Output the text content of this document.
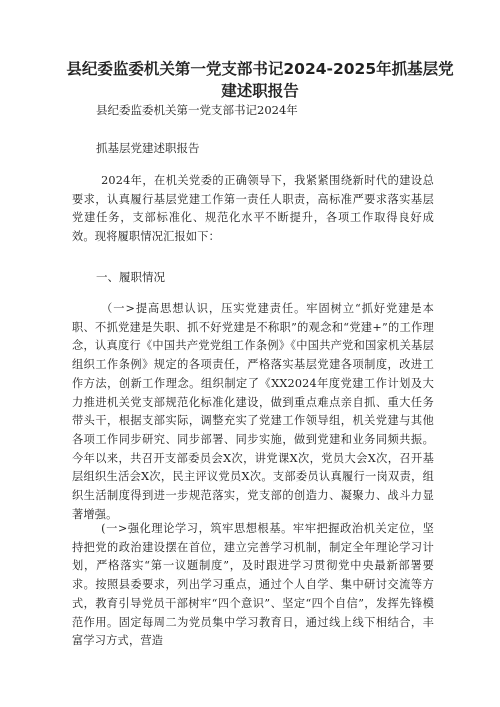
县纪委监委机关第一党支部书记2024-2025年抓基层党建述职报告

县纪委监委机关第一党支部书记2024年

抓基层党建述职报告

2024年，在机关党委的正确领导下，我紧紧围绕新时代的建设总要求，认真履行基层党建工作第一责任人职责，高标准严要求落实基层党建任务，支部标准化、规范化水平不断提升，各项工作取得良好成效。现将履职情况汇报如下：

一、履职情况

（一>提高思想认识，压实党建责任。牢固树立“抓好党建是本职、不抓党建是失职、抓不好党建是不称职”的观念和“党建+”的工作理念，认真度行《中国共产党党组工作条例》《中国共产党和国家机关基层组织工作条例》规定的各项责任，严格落实基层党建各项制度，改进工作方法，创新工作理念。组织制定了《XX2024年度党建工作计划及大力推进机关党支部规范化标准化建设，做到重点难点亲自抓、重大任务带头干，根据支部实际，调整充实了党建工作领导组，机关党建与其他各项工作同步研究、同步部署、同步实施，做到党建和业务同频共振。今年以来，共召开支部委员会X次，讲党课X次，党员大会X次，召开基层组织生活会X次，民主评议党员X次。支部委员认真履行一岗双责，组织生活制度得到进一步规范落实，党支部的创造力、凝聚力、战斗力显著增强。

(一>强化理论学习，筑牢思想根基。牢牢把握政治机关定位，坚持把党的政治建设摆在首位，建立完善学习机制，制定全年理论学习计划，严格落实“第一议题制度”，及时跟进学习贯彻党中央最新部署要求。按照县委要求，列出学习重点，通过个人自学、集中研讨交流等方式，教育引导党员干部树牢“四个意识”、坚定“四个自信”，发挥先锋模范作用。固定每周二为党员集中学习教育日，通过线上线下相结合，丰富学习方式，营造
